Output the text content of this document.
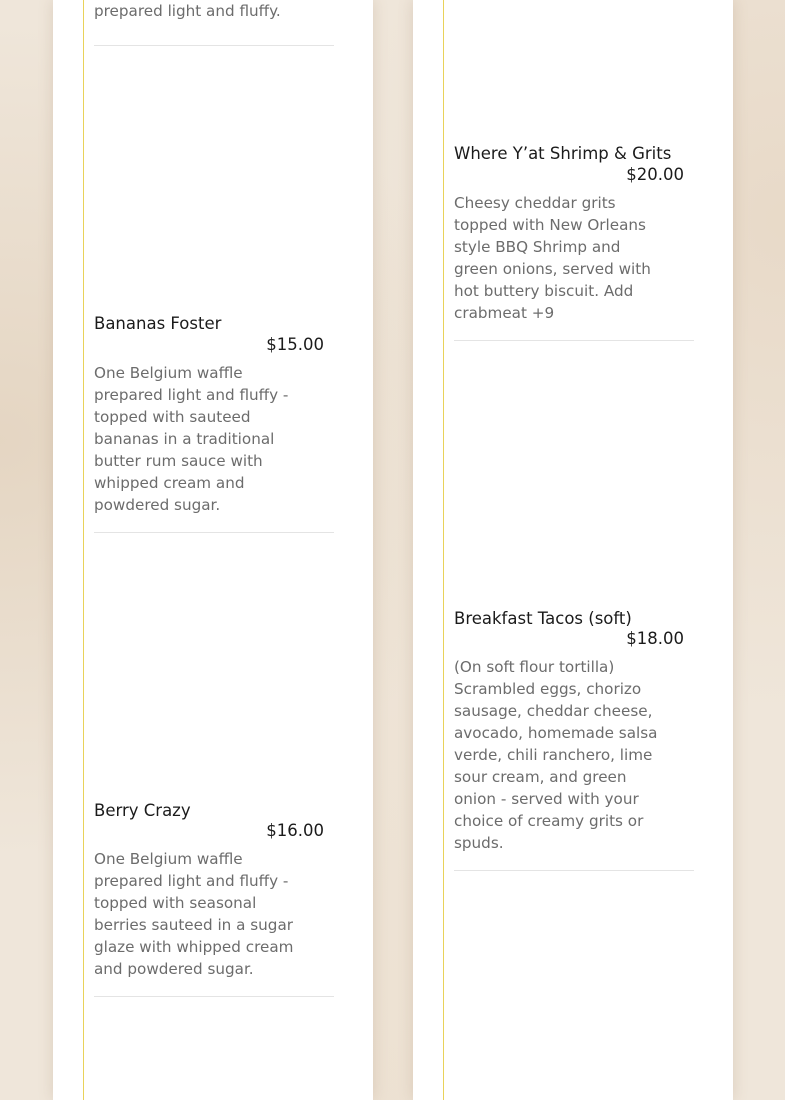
prepared light and fluffy.

Bananas Foster
$15.00

One Belgium waffle prepared light and fluffy - topped with sauteed bananas in a traditional butter rum sauce with whipped cream and powdered sugar.

Berry Crazy
$16.00

One Belgium waffle prepared light and fluffy - topped with seasonal berries sauteed in a sugar glaze with whipped cream and powdered sugar.

Where Y’at Shrimp & Grits
$20.00

Cheesy cheddar grits topped with New Orleans style BBQ Shrimp and green onions, served with hot buttery biscuit. Add crabmeat +9

Breakfast Tacos (soft)
$18.00

(On soft flour tortilla) Scrambled eggs, chorizo sausage, cheddar cheese, avocado, homemade salsa verde, chili ranchero, lime sour cream, and green onion - served with your choice of creamy grits or spuds.
